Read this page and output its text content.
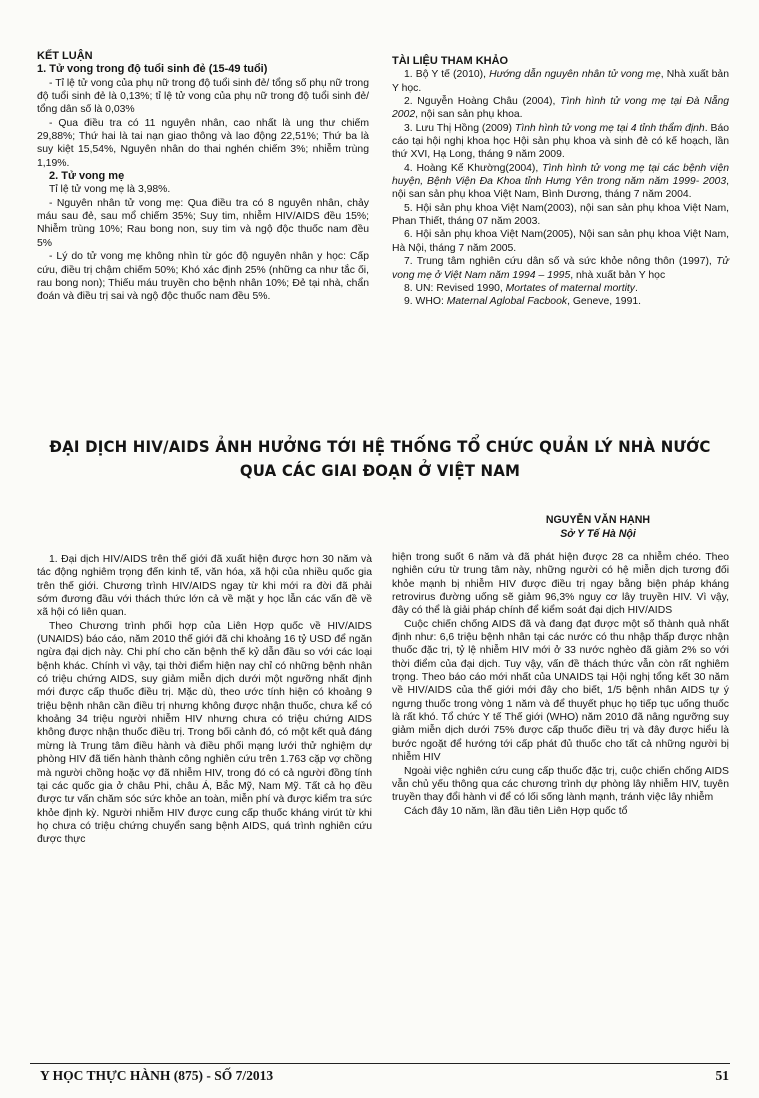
KẾT LUẬN

1. Tử vong trong độ tuổi sinh đẻ (15-49 tuổi)

- Tỉ lệ tử vong của phụ nữ trong độ tuổi sinh đẻ/ tổng số phụ nữ trong độ tuổi sinh đẻ là 0,13%; tỉ lệ tử vong của phụ nữ trong độ tuổi sinh đẻ/ tổng dân số là 0,03%

- Qua điều tra có 11 nguyên nhân, cao nhất là ung thư chiếm 29,88%; Thứ hai là tai nạn giao thông và lao động 22,51%; Thứ ba là suy kiệt 15,54%, Nguyên nhân do thai nghén chiếm 3%; nhiễm trùng 1,19%.

2. Tử vong mẹ

Tỉ lệ tử vong mẹ là 3,98%.

- Nguyên nhân tử vong mẹ: Qua điều tra có 8 nguyên nhân, chảy máu sau đẻ, sau mổ chiếm 35%; Suy tim, nhiễm HIV/AIDS đều 15%; Nhiễm trùng 10%; Rau bong non, suy tim và ngộ độc thuốc nam đều 5%

- Lý do tử vong mẹ không nhìn từ góc độ nguyên nhân y học: Cấp cứu, điều trị chậm chiếm 50%; Khó xác định 25% (những ca như tắc ối, rau bong non); Thiếu máu truyền cho bệnh nhân 10%; Đẻ tại nhà, chẩn đoán và điều trị sai và ngộ độc thuốc nam đều 5%.

TÀI LIỆU THAM KHẢO

1. Bộ Y tế (2010), Hướng dẫn nguyên nhân tử vong mẹ, Nhà xuất bản Y học.

2. Nguyễn Hoàng Châu (2004), Tình hình tử vong mẹ tại Đà Nẵng 2002, nội san sản phụ khoa.

3. Lưu Thị Hồng (2009) Tình hình tử vong mẹ tại 4 tỉnh thẩm định. Báo cáo tại hội nghị khoa học Hội sản phụ khoa và sinh đẻ có kế hoạch, lần thứ XVI, Hạ Long, tháng 9 năm 2009.

4. Hoàng Kế Khường(2004), Tình hình tử vong mẹ tại các bệnh viện huyện, Bệnh Viện Đa Khoa tỉnh Hưng Yên trong năm năm 1999- 2003, nội san sản phụ khoa Việt Nam, Bình Dương, tháng 7 năm 2004.

5. Hội sản phụ khoa Việt Nam(2003), nội san sản phụ khoa Việt Nam, Phan Thiết, tháng 07 năm 2003.

6. Hội sản phụ khoa Việt Nam(2005), Nội san sản phụ khoa Việt Nam, Hà Nội, tháng 7 năm 2005.

7. Trung tâm nghiên cứu dân số và sức khỏe nông thôn (1997), Tử vong mẹ ở Việt Nam năm 1994 – 1995, nhà xuất bản Y học

8. UN: Revised 1990, Mortates of maternal mortity.

9. WHO: Maternal Aglobal Facbook, Geneve, 1991.

ĐẠI DỊCH HIV/AIDS ẢNH HƯỞNG TỚI HỆ THỐNG TỔ CHỨC QUẢN LÝ NHÀ NƯỚC
QUA CÁC GIAI ĐOẠN Ở VIỆT NAM
NGUYỄN VĂN HẠNH
Sở Y Tế Hà Nội

1. Đại dịch HIV/AIDS trên thế giới đã xuất hiện được hơn 30 năm và tác động nghiêm trọng đến kinh tế, văn hóa, xã hội của nhiều quốc gia trên thế giới. Chương trình HIV/AIDS ngay từ khi mới ra đời đã phải sớm đương đầu với thách thức lớn cả về mặt y học lẫn các vấn đề về xã hội có liên quan.

Theo Chương trình phối hợp của Liên Hợp quốc về HIV/AIDS (UNAIDS) báo cáo, năm 2010 thế giới đã chi khoảng 16 tỷ USD để ngăn ngừa đại dịch này. Chi phí cho căn bệnh thế kỷ dẫn đầu so với các loại bệnh khác. Chính vì vậy, tại thời điểm hiện nay chỉ có những bệnh nhân có triệu chứng AIDS, suy giảm miễn dịch dưới một ngưỡng nhất định mới được cấp thuốc điều trị. Mặc dù, theo ước tính hiện có khoảng 9 triệu bệnh nhân cần điều trị nhưng không được nhận thuốc, chưa kể có khoảng 34 triệu người nhiễm HIV nhưng chưa có triệu chứng AIDS không được nhận thuốc điều trị. Trong bối cảnh đó, có một kết quả đáng mừng là Trung tâm điều hành và điều phối mạng lưới thử nghiệm dự phòng HIV đã tiến hành thành công nghiên cứu trên 1.763 cặp vợ chồng mà người chồng hoặc vợ đã nhiễm HIV, trong đó có cả người đồng tính tại các quốc gia ở châu Phi, châu Á, Bắc Mỹ, Nam Mỹ. Tất cả họ đều được tư vấn chăm sóc sức khỏe an toàn, miễn phí và được kiểm tra sức khỏe định kỳ. Người nhiễm HIV được cung cấp thuốc kháng virút từ khi họ chưa có triệu chứng chuyển sang bệnh AIDS, quá trình nghiên cứu được thực

hiện trong suốt 6 năm và đã phát hiện được 28 ca nhiễm chéo. Theo nghiên cứu từ trung tâm này, những người có hệ miễn dịch tương đối khỏe mạnh bị nhiễm HIV được điều trị ngay bằng biện pháp kháng retrovirus đường uống sẽ giảm 96,3% nguy cơ lây truyền HIV. Vì vậy, đây có thể là giải pháp chính để kiểm soát đại dịch HIV/AIDS

Cuộc chiến chống AIDS đã và đang đạt được một số thành quả nhất định như: 6,6 triệu bệnh nhân tại các nước có thu nhập thấp được nhận thuốc đặc trị, tỷ lệ nhiễm HIV mới ở 33 nước nghèo đã giảm 2% so với thời điểm của đại dịch. Tuy vậy, vấn đề thách thức vẫn còn rất nghiêm trọng. Theo báo cáo mới nhất của UNAIDS tại Hội nghị tổng kết 30 năm về HIV/AIDS của thế giới mới đây cho biết, 1/5 bệnh nhân AIDS tự ý ngưng thuốc trong vòng 1 năm và để thuyết phục họ tiếp tục uống thuốc là rất khó. Tổ chức Y tế Thế giới (WHO) năm 2010 đã nâng ngưỡng suy giảm miễn dịch dưới 75% được cấp thuốc điều trị và đây được hiểu là bước ngoặt để hướng tới cấp phát đủ thuốc cho tất cả những người bị nhiễm HIV

Ngoài việc nghiên cứu cung cấp thuốc đặc trị, cuộc chiến chống AIDS vẫn chủ yếu thông qua các chương trình dự phòng lây nhiễm HIV, tuyên truyền thay đổi hành vi để có lối sống lành mạnh, tránh việc lây nhiễm

Cách đây 10 năm, lần đầu tiên Liên Hợp quốc tổ

Y HỌC THỰC HÀNH (875) - SỐ 7/2013	51
